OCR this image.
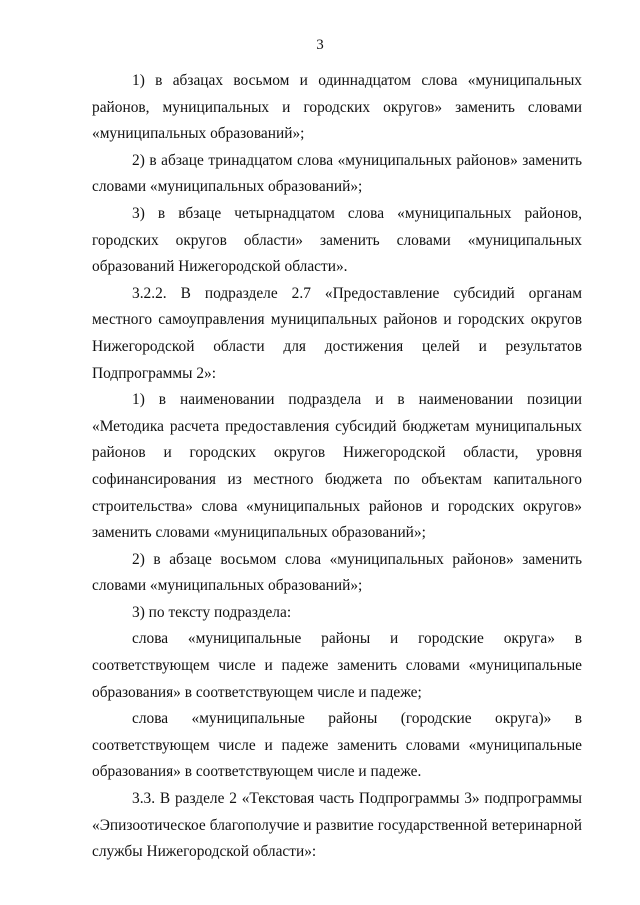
3

1) в абзацах восьмом и одиннадцатом слова «муниципальных районов, муниципальных и городских округов» заменить словами «муниципальных образований»;

2) в абзаце тринадцатом слова «муниципальных районов» заменить словами «муниципальных образований»;

3) в вбзаце четырнадцатом слова «муниципальных районов, городских округов области» заменить словами «муниципальных образований Нижегородской области».

3.2.2. В подразделе 2.7 «Предоставление субсидий органам местного самоуправления муниципальных районов и городских округов Нижегородской области для достижения целей и результатов Подпрограммы 2»:

1) в наименовании подраздела и в наименовании позиции «Методика расчета предоставления субсидий бюджетам муниципальных районов и городских округов Нижегородской области, уровня софинансирования из местного бюджета по объектам капитального строительства» слова «муниципальных районов и городских округов» заменить словами «муниципальных образований»;

2) в абзаце восьмом слова «муниципальных районов» заменить словами «муниципальных образований»;

3) по тексту подраздела:

слова «муниципальные районы и городские округа» в соответствующем числе и падеже заменить словами «муниципальные образования» в соответствующем числе и падеже;

слова «муниципальные районы (городские округа)» в соответствующем числе и падеже заменить словами «муниципальные образования» в соответствующем числе и падеже.

3.3. В разделе 2 «Текстовая часть Подпрограммы 3» подпрограммы «Эпизоотическое благополучие и развитие государственной ветеринарной службы Нижегородской области»:
